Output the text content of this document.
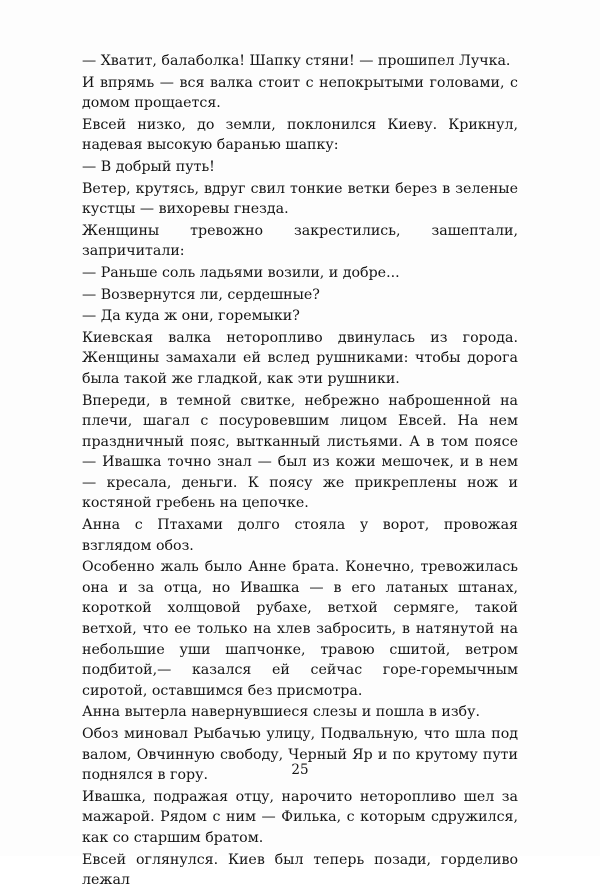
— Хватит, балаболка! Шапку стяни! — прошипел Лучка.

И впрямь — вся валка стоит с непокрытыми головами, с домом прощается.

Евсей низко, до земли, поклонился Киеву. Крикнул, надевая высокую баранью шапку:

— В добрый путь!

Ветер, крутясь, вдруг свил тонкие ветки берез в зеленые кустцы — вихоревы гнезда.

Женщины тревожно закрестились, зашептали, запричитали:

— Раньше соль ладьями возили, и добре...

— Возвернутся ли, сердешные?

— Да куда ж они, горемыки?

Киевская валка неторопливо двинулась из города. Женщины замахали ей вслед рушниками: чтобы дорога была такой же гладкой, как эти рушники.

Впереди, в темной свитке, небрежно наброшенной на плечи, шагал с посуровевшим лицом Евсей. На нем праздничный пояс, вытканный листьями. А в том поясе — Ивашка точно знал — был из кожи мешочек, и в нем — кресала, деньги. К поясу же прикреплены нож и костяной гребень на цепочке.

Анна с Птахами долго стояла у ворот, провожая взглядом обоз.

Особенно жаль было Анне брата. Конечно, тревожилась она и за отца, но Ивашка — в его латаных штанах, короткой холщовой рубахе, ветхой сермяге, такой ветхой, что ее только на хлев забросить, в натянутой на небольшие уши шапчонке, травою сшитой, ветром подбитой,— казался ей сейчас горе-горемычным сиротой, оставшимся без присмотра.

Анна вытерла навернувшиеся слезы и пошла в избу.

Обоз миновал Рыбачью улицу, Подвальную, что шла под валом, Овчинную свободу, Черный Яр и по крутому пути поднялся в гору.

Ивашка, подражая отцу, нарочито неторопливо шел за мажарой. Рядом с ним — Филька, с которым сдружился, как со старшим братом.

Евсей оглянулся. Киев был теперь позади, горделиво лежал

25
